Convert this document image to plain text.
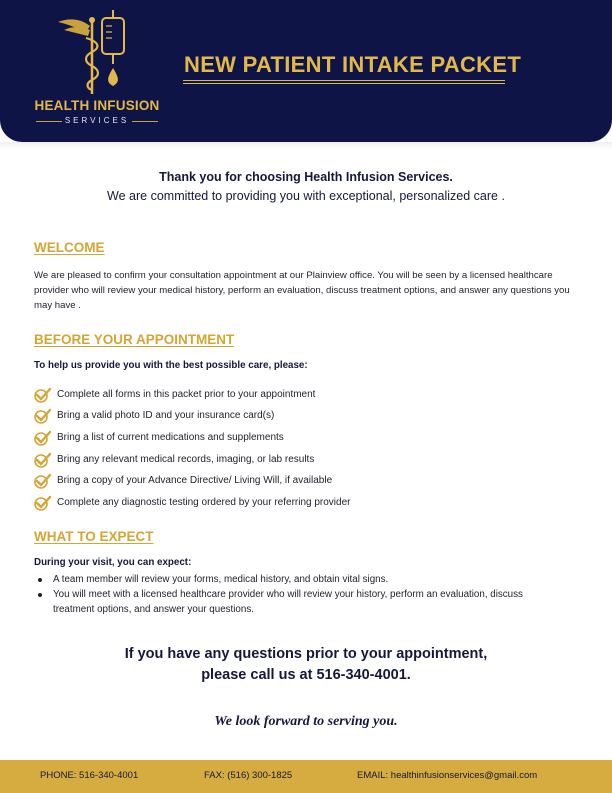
HEALTH INFUSION
SERVICES
NEW PATIENT INTAKE PACKET
Thank you for choosing Health Infusion Services.
We are committed to providing you with exceptional, personalized care .
WELCOME
We are pleased to confirm your consultation appointment at our Plainview office. You will be seen by a licensed healthcare provider who will review your medical history, perform an evaluation, discuss treatment options, and answer any questions you may have .
BEFORE YOUR APPOINTMENT
To help us provide you with the best possible care, please:
Complete all forms in this packet prior to your appointment
Bring a valid photo ID and your insurance card(s)
Bring a list of current medications and supplements
Bring any relevant medical records, imaging, or lab results
Bring a copy of your Advance Directive/ Living Will, if available
Complete any diagnostic testing ordered by your referring provider
WHAT TO EXPECT
During your visit, you can expect:
A team member will review your forms, medical history, and obtain vital signs.
You will meet with a licensed healthcare provider who will review your history, perform an evaluation, discuss treatment options, and answer your questions.
If you have any questions prior to your appointment,
please call us at 516-340-4001.
We look forward to serving you.
PHONE: 516-340-4001	FAX: (516) 300-1825	EMAIL: healthinfusionservices@gmail.com
